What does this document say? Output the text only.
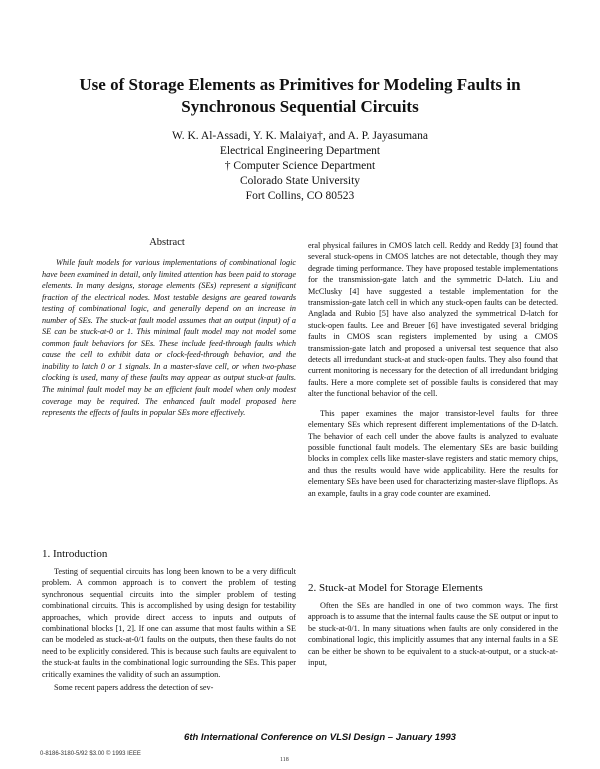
Use of Storage Elements as Primitives for Modeling Faults in
Synchronous Sequential Circuits
W. K. Al-Assadi, Y. K. Malaiya†, and A. P. Jayasumana
Electrical Engineering Department
† Computer Science Department
Colorado State University
Fort Collins, CO 80523
Abstract

While fault models for various implementations of combinational logic have been examined in detail, only limited attention has been paid to storage elements. In many designs, storage elements (SEs) represent a significant fraction of the electrical nodes. Most testable designs are geared towards testing of combinational logic, and generally depend on an increase in number of SEs. The stuck-at fault model assumes that an output (input) of a SE can be stuck-at-0 or 1. This minimal fault model may not model some common fault behaviors for SEs. These include feed-through faults which cause the cell to exhibit data or clock-feed-through behavior, and the inability to latch 0 or 1 signals. In a master-slave cell, or when two-phase clocking is used, many of these faults may appear as output stuck-at faults. The minimal fault model may be an efficient fault model when only modest coverage may be required. The enhanced fault model proposed here represents the effects of faults in popular SEs more effectively.

1. Introduction

Testing of sequential circuits has long been known to be a very difficult problem. A common approach is to convert the problem of testing synchronous sequential circuits into the simpler problem of testing combinational circuits. This is accomplished by using design for testability approaches, which provide direct access to inputs and outputs of combinational blocks [1, 2]. If one can assume that most faults within a SE can be modeled as stuck-at-0/1 faults on the outputs, then these faults do not need to be explicitly considered. This is because such faults are equivalent to the stuck-at faults in the combinational logic surrounding the SEs. This paper critically examines the validity of such an assumption.

Some recent papers address the detection of sev-

eral physical failures in CMOS latch cell. Reddy and Reddy [3] found that several stuck-opens in CMOS latches are not detectable, though they may degrade timing performance. They have proposed testable implementations for the transmission-gate latch and the symmetric D-latch. Liu and McClusky [4] have suggested a testable implementation for the transmission-gate latch cell in which any stuck-open faults can be detected. Anglada and Rubio [5] have also analyzed the symmetrical D-latch for stuck-open faults. Lee and Breuer [6] have investigated several bridging faults in CMOS scan registers implemented by using a CMOS transmission-gate latch and proposed a universal test sequence that also detects all irredundant stuck-at and stuck-open faults. They also found that current monitoring is necessary for the detection of all irredundant bridging faults. Here a more complete set of possible faults is considered that may alter the functional behavior of the cell.

This paper examines the major transistor-level faults for three elementary SEs which represent different implementations of the D-latch. The behavior of each cell under the above faults is analyzed to evaluate possible functional fault models. The elementary SEs are basic building blocks in complex cells like master-slave registers and static memory chips, and thus the results would have wide applicability. Here the results for elementary SEs have been used for characterizing master-slave flipflops. As an example, faults in a gray code counter are examined.

2. Stuck-at Model for Storage Elements

Often the SEs are handled in one of two common ways. The first approach is to assume that the internal faults cause the SE output or input to be stuck-at-0/1. In many situations when faults are only considered in the combinational logic, this implicitly assumes that any internal faults in a SE can be either be shown to be equivalent to a stuck-at-output, or a stuck-at-input,

6th International Conference on VLSI Design – January 1993
0-8186-3180-5/92 $3.00 © 1993 IEEE
118
